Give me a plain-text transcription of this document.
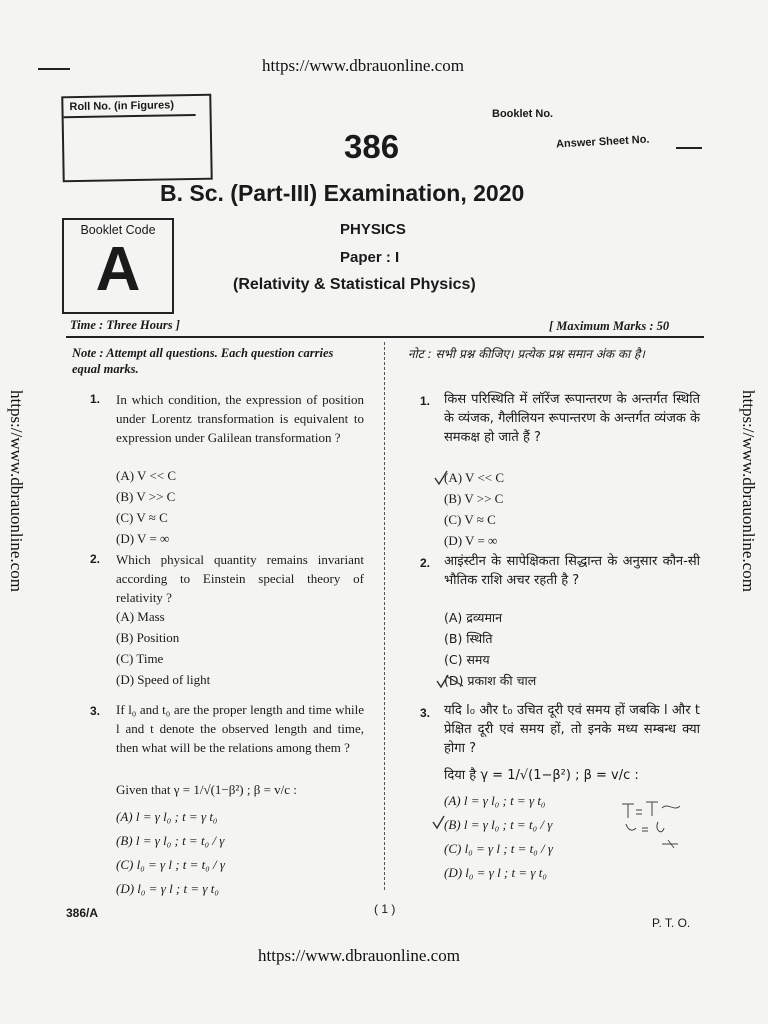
https://www.dbrauonline.com
https://www.dbrauonline.com
https://www.dbrauonline.com	https://www.dbrauonline.com
Roll No. (in Figures)
Booklet No.
386	Answer Sheet No.
B. Sc. (Part-III) Examination, 2020
PHYSICS
Paper : I
(Relativity & Statistical Physics)
Booklet Code
A
Time : Three Hours ]	[ Maximum Marks : 50
Note : Attempt all questions. Each question carries equal marks.
नोट : सभी प्रश्न कीजिए। प्रत्येक प्रश्न समान अंक का है।
1. In which condition, the expression of position under Lorentz transformation is equivalent to expression under Galilean transformation ?
(A) V << C
(B) V >> C
(C) V ≈ C
(D) V = ∞
2. Which physical quantity remains invariant according to Einstein special theory of relativity ?
(A) Mass
(B) Position
(C) Time
(D) Speed of light
3. If l₀ and t₀ are the proper length and time while l and t denote the observed length and time, then what will be the relations among them ?
Given that γ = 1/√(1−β²) ; β = v/c :
(A) l = γ l₀ ; t = γ t₀
(B) l = γ l₀ ; t = t₀ / γ
(C) l₀ = γ l ; t = t₀ / γ
(D) l₀ = γ l ; t = γ t₀
1. किस परिस्थिति में लॉरेंज रूपान्तरण के अन्तर्गत स्थिति के व्यंजक, गैलीलियन रूपान्तरण के अन्तर्गत व्यंजक के समकक्ष हो जाते हैं ?
(A) V << C
(B) V >> C
(C) V ≈ C
(D) V = ∞
2. आइंस्टीन के सापेक्षिकता सिद्धान्त के अनुसार कौन-सी भौतिक राशि अचर रहती है ?
(A) द्रव्यमान
(B) स्थिति
(C) समय
(D) प्रकाश की चाल
3. यदि l₀ और t₀ उचित दूरी एवं समय हों जबकि l और t प्रेक्षित दूरी एवं समय हों, तो इनके मध्य सम्बन्ध क्या होगा ?
दिया है γ = 1/√(1−β²) ; β = v/c :
(A) l = γ l₀ ; t = γ t₀
(B) l = γ l₀ ; t = t₀ / γ
(C) l₀ = γ l ; t = t₀ / γ
(D) l₀ = γ l ; t = γ t₀
386/A	( 1 )
P. T. O.
